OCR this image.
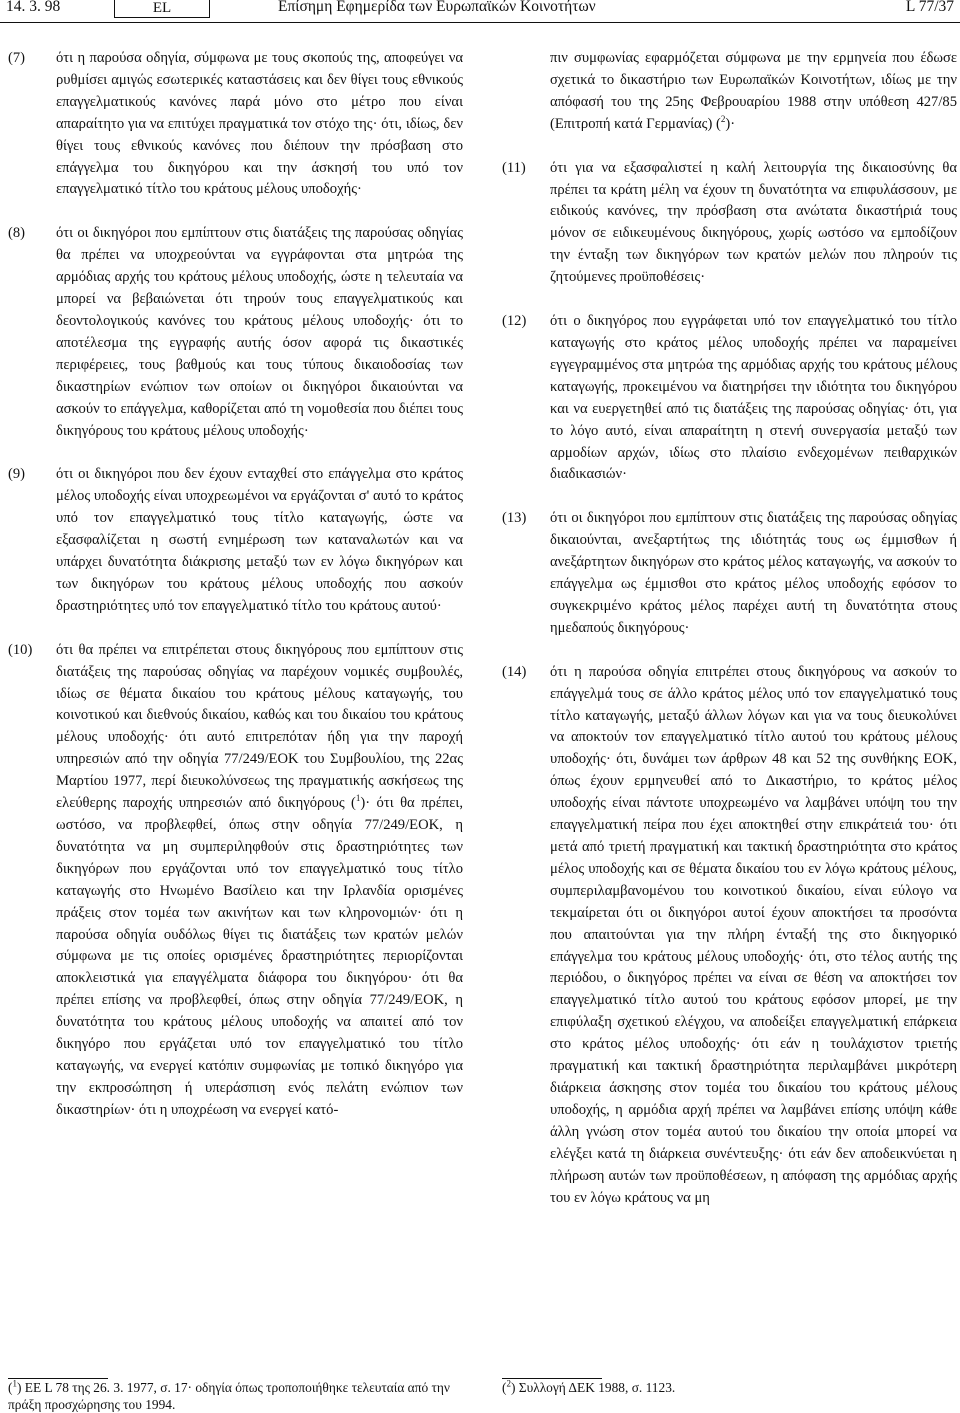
14. 3. 98	EL	Επίσημη Εφημερίδα των Ευρωπαϊκών Κοινοτήτων	L 77/37
(7) ότι η παρούσα οδηγία, σύμφωνα με τους σκοπούς της, αποφεύγει να ρυθμίσει αμιγώς εσωτερικές καταστάσεις και δεν θίγει τους εθνικούς επαγγελματικούς κανόνες παρά μόνο στο μέτρο που είναι απαραίτητο για να επιτύχει πραγματικά τον στόχο της· ότι, ιδίως, δεν θίγει τους εθνικούς κανόνες που διέπουν την πρόσβαση στο επάγγελμα του δικηγόρου και την άσκησή του υπό τον επαγγελματικό τίτλο του κράτους μέλους υποδοχής·
(8) ότι οι δικηγόροι που εμπίπτουν στις διατάξεις της παρούσας οδηγίας θα πρέπει να υποχρεούνται να εγγράφονται στα μητρώα της αρμόδιας αρχής του κράτους μέλους υποδοχής, ώστε η τελευταία να μπορεί να βεβαιώνεται ότι τηρούν τους επαγγελματικούς και δεοντολογικούς κανόνες του κράτους μέλους υποδοχής· ότι το αποτέλεσμα της εγγραφής αυτής όσον αφορά τις δικαστικές περιφέρειες, τους βαθμούς και τους τύπους δικαιοδοσίας των δικαστηρίων ενώπιον των οποίων οι δικηγόροι δικαιούνται να ασκούν το επάγγελμα, καθορίζεται από τη νομοθεσία που διέπει τους δικηγόρους του κράτους μέλους υποδοχής·
(9) ότι οι δικηγόροι που δεν έχουν ενταχθεί στο επάγγελμα στο κράτος μέλος υποδοχής είναι υποχρεωμένοι να εργάζονται σ' αυτό το κράτος υπό τον επαγγελματικό τους τίτλο καταγωγής, ώστε να εξασφαλίζεται η σωστή ενημέρωση των καταναλωτών και να υπάρχει δυνατότητα διάκρισης μεταξύ των εν λόγω δικηγόρων και των δικηγόρων του κράτους μέλους υποδοχής που ασκούν δραστηριότητες υπό τον επαγγελματικό τίτλο του κράτους αυτού·
(10) ότι θα πρέπει να επιτρέπεται στους δικηγόρους που εμπίπτουν στις διατάξεις της παρούσας οδηγίας να παρέχουν νομικές συμβουλές, ιδίως σε θέματα δικαίου του κράτους μέλους καταγωγής, του κοινοτικού και διεθνούς δικαίου, καθώς και του δικαίου του κράτους μέλους υποδοχής· ότι αυτό επιτρεπόταν ήδη για την παροχή υπηρεσιών από την οδηγία 77/249/ΕΟΚ του Συμβουλίου, της 22ας Μαρτίου 1977, περί διευκολύνσεως της πραγματικής ασκήσεως της ελεύθερης παροχής υπηρεσιών από δικηγόρους ($^1$)· ότι θα πρέπει, ωστόσο, να προβλεφθεί, όπως στην οδηγία 77/249/ΕΟΚ, η δυνατότητα να μη συμπεριληφθούν στις δραστηριότητες των δικηγόρων που εργάζονται υπό τον επαγγελματικό τους τίτλο καταγωγής στο Ηνωμένο Βασίλειο και την Ιρλανδία ορισμένες πράξεις στον τομέα των ακινήτων και των κληρονομιών· ότι η παρούσα οδηγία ουδόλως θίγει τις διατάξεις των κρατών μελών σύμφωνα με τις οποίες ορισμένες δραστηριότητες περιορίζονται αποκλειστικά για επαγγέλματα διάφορα του δικηγόρου· ότι θα πρέπει επίσης να προβλεφθεί, όπως στην οδηγία 77/249/ΕΟΚ, η δυνατότητα του κράτους μέλους υποδοχής να απαιτεί από τον δικηγόρο που εργάζεται υπό τον επαγγελματικό του τίτλο καταγωγής, να ενεργεί κατόπιν συμφωνίας με τοπικό δικηγόρο για την εκπροσώπηση ή υπεράσπιση ενός πελάτη ενώπιον των δικαστηρίων· ότι η υποχρέωση να ενεργεί κατό-
πιν συμφωνίας εφαρμόζεται σύμφωνα με την ερμηνεία που έδωσε σχετικά το δικαστήριο των Ευρωπαϊκών Κοινοτήτων, ιδίως με την απόφασή του της 25ης Φεβρουαρίου 1988 στην υπόθεση 427/85 (Επιτροπή κατά Γερμανίας) ($^2$)·
(11) ότι για να εξασφαλιστεί η καλή λειτουργία της δικαιοσύνης θα πρέπει τα κράτη μέλη να έχουν τη δυνατότητα να επιφυλάσσουν, με ειδικούς κανόνες, την πρόσβαση στα ανώτατα δικαστήριά τους μόνον σε ειδικευμένους δικηγόρους, χωρίς ωστόσο να εμποδίζουν την ένταξη των δικηγόρων των κρατών μελών που πληρούν τις ζητούμενες προϋποθέσεις·
(12) ότι ο δικηγόρος που εγγράφεται υπό τον επαγγελματικό του τίτλο καταγωγής στο κράτος μέλος υποδοχής πρέπει να παραμείνει εγγεγραμμένος στα μητρώα της αρμόδιας αρχής του κράτους μέλους καταγωγής, προκειμένου να διατηρήσει την ιδιότητα του δικηγόρου και να ευεργετηθεί από τις διατάξεις της παρούσας οδηγίας· ότι, για το λόγο αυτό, είναι απαραίτητη η στενή συνεργασία μεταξύ των αρμοδίων αρχών, ιδίως στο πλαίσιο ενδεχομένων πειθαρχικών διαδικασιών·
(13) ότι οι δικηγόροι που εμπίπτουν στις διατάξεις της παρούσας οδηγίας δικαιούνται, ανεξαρτήτως της ιδιότητάς τους ως έμμισθων ή ανεξάρτητων δικηγόρων στο κράτος μέλος καταγωγής, να ασκούν το επάγγελμα ως έμμισθοι στο κράτος μέλος υποδοχής εφόσον το συγκεκριμένο κράτος μέλος παρέχει αυτή τη δυνατότητα στους ημεδαπούς δικηγόρους·
(14) ότι η παρούσα οδηγία επιτρέπει στους δικηγόρους να ασκούν το επάγγελμά τους σε άλλο κράτος μέλος υπό τον επαγγελματικό τους τίτλο καταγωγής, μεταξύ άλλων λόγων και για να τους διευκολύνει να αποκτούν τον επαγγελματικό τίτλο αυτού του κράτους μέλους υποδοχής· ότι, δυνάμει των άρθρων 48 και 52 της συνθήκης ΕΟΚ, όπως έχουν ερμηνευθεί από το Δικαστήριο, το κράτος μέλος υποδοχής είναι πάντοτε υποχρεωμένο να λαμβάνει υπόψη του την επαγγελματική πείρα που έχει αποκτηθεί στην επικράτειά του· ότι μετά από τριετή πραγματική και τακτική δραστηριότητα στο κράτος μέλος υποδοχής και σε θέματα δικαίου του εν λόγω κράτους μέλους, συμπεριλαμβανομένου του κοινοτικού δικαίου, είναι εύλογο να τεκμαίρεται ότι οι δικηγόροι αυτοί έχουν αποκτήσει τα προσόντα που απαιτούνται για την πλήρη ένταξή της στο δικηγορικό επάγγελμα του κράτους μέλους υποδοχής· ότι, στο τέλος αυτής της περιόδου, ο δικηγόρος πρέπει να είναι σε θέση να αποκτήσει τον επαγγελματικό τίτλο αυτού του κράτους εφόσον μπορεί, με την επιφύλαξη σχετικού ελέγχου, να αποδείξει επαγγελματική επάρκεια στο κράτος μέλος υποδοχής· ότι εάν η τουλάχιστον τριετής πραγματική και τακτική δραστηριότητα περιλαμβάνει μικρότερη διάρκεια άσκησης στον τομέα του δικαίου του κράτους μέλους υποδοχής, η αρμόδια αρχή πρέπει να λαμβάνει επίσης υπόψη κάθε άλλη γνώση στον τομέα αυτού του δικαίου την οποία μπορεί να ελέγξει κατά τη διάρκεια συνέντευξης· ότι εάν δεν αποδεικνύεται η πλήρωση αυτών των προϋποθέσεων, η απόφαση της αρμόδιας αρχής του εν λόγω κράτους να μη
($^1$) ΕΕ L 78 της 26. 3. 1977, σ. 17· οδηγία όπως τροποποιήθηκε τελευταία από την πράξη προσχώρησης του 1994.
($^2$) Συλλογή ΔΕΚ 1988, σ. 1123.
